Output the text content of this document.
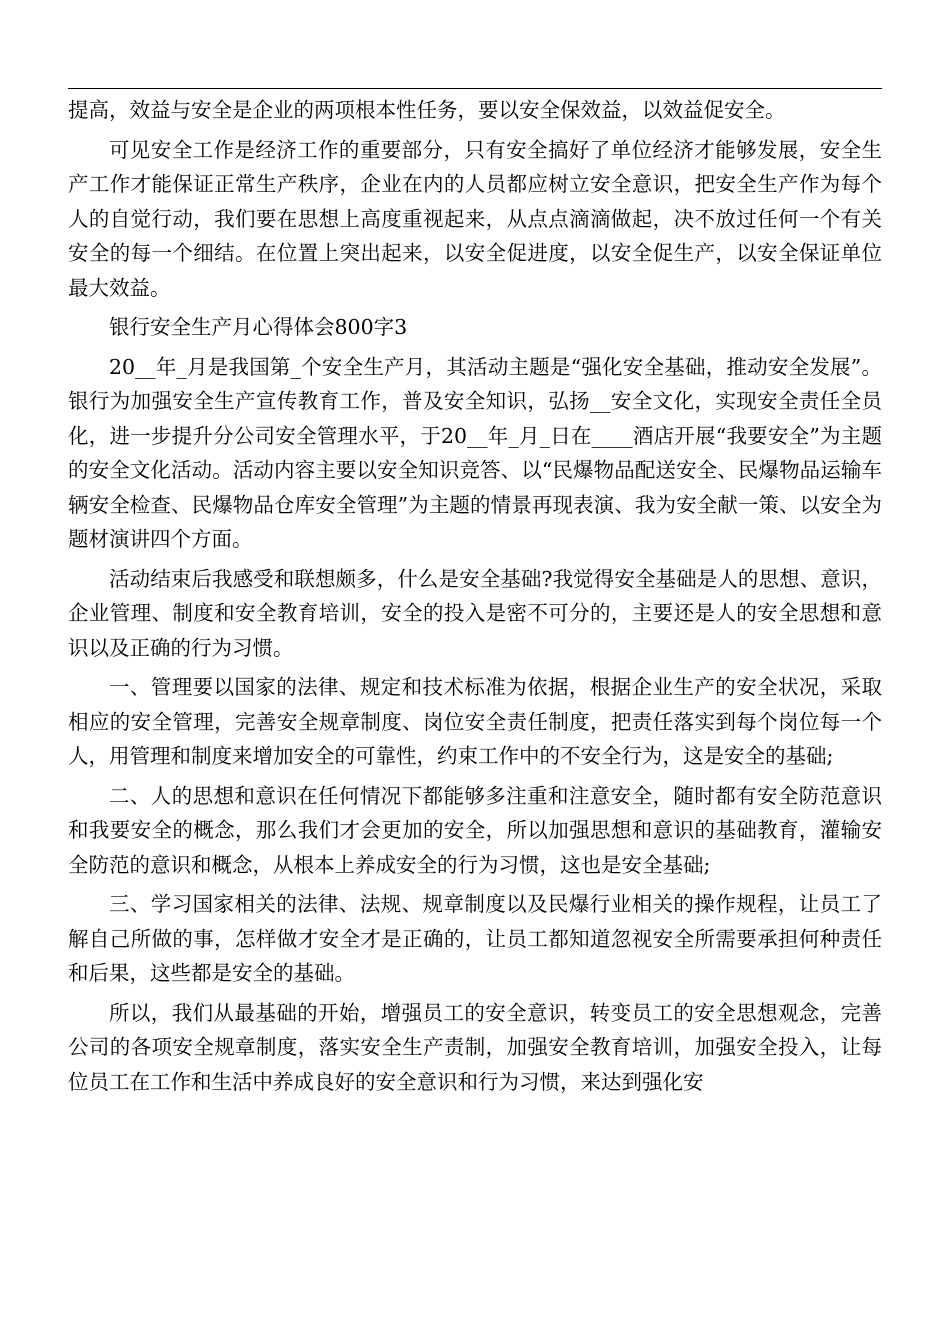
提高，效益与安全是企业的两项根本性任务，要以安全保效益，以效益促安全。

可见安全工作是经济工作的重要部分，只有安全搞好了单位经济才能够发展，安全生产工作才能保证正常生产秩序，企业在内的人员都应树立安全意识，把安全生产作为每个人的自觉行动，我们要在思想上高度重视起来，从点点滴滴做起，决不放过任何一个有关安全的每一个细结。在位置上突出起来，以安全促进度，以安全促生产，以安全保证单位最大效益。

银行安全生产月心得体会800字3

20__年_月是我国第_个安全生产月，其活动主题是“强化安全基础，推动安全发展”。银行为加强安全生产宣传教育工作，普及安全知识，弘扬__安全文化，实现安全责任全员化，进一步提升分公司安全管理水平，于20__年_月_日在____酒店开展“我要安全”为主题的安全文化活动。活动内容主要以安全知识竞答、以“民爆物品配送安全、民爆物品运输车辆安全检查、民爆物品仓库安全管理”为主题的情景再现表演、我为安全献一策、以安全为题材演讲四个方面。

活动结束后我感受和联想颇多，什么是安全基础?我觉得安全基础是人的思想、意识，企业管理、制度和安全教育培训，安全的投入是密不可分的，主要还是人的安全思想和意识以及正确的行为习惯。

一、管理要以国家的法律、规定和技术标准为依据，根据企业生产的安全状况，采取相应的安全管理，完善安全规章制度、岗位安全责任制度，把责任落实到每个岗位每一个人，用管理和制度来增加安全的可靠性，约束工作中的不安全行为，这是安全的基础;

二、人的思想和意识在任何情况下都能够多注重和注意安全，随时都有安全防范意识和我要安全的概念，那么我们才会更加的安全，所以加强思想和意识的基础教育，灌输安全防范的意识和概念，从根本上养成安全的行为习惯，这也是安全基础;

三、学习国家相关的法律、法规、规章制度以及民爆行业相关的操作规程，让员工了解自己所做的事，怎样做才安全才是正确的，让员工都知道忽视安全所需要承担何种责任和后果，这些都是安全的基础。

所以，我们从最基础的开始，增强员工的安全意识，转变员工的安全思想观念，完善公司的各项安全规章制度，落实安全生产责制，加强安全教育培训，加强安全投入，让每位员工在工作和生活中养成良好的安全意识和行为习惯，来达到强化安
